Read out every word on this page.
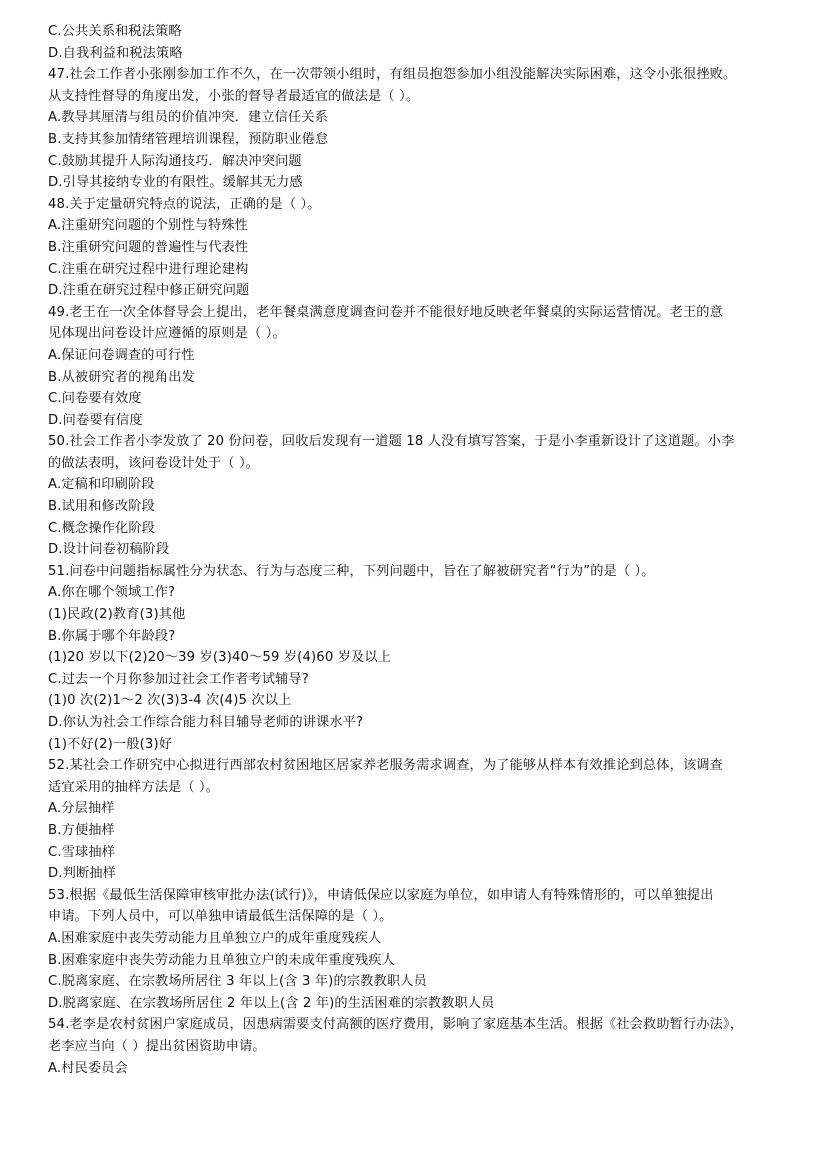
C.公共关系和税法策略
D.自我利益和税法策略
47.社会工作者小张刚参加工作不久，在一次带领小组时，有组员抱怨参加小组没能解决实际困难，这令小张很挫败。
从支持性督导的角度出发，小张的督导者最适宜的做法是（ ）。
A.教导其厘清与组员的价值冲突．建立信任关系
B.支持其参加情绪管理培训课程，预防职业倦怠
C.鼓励其提升人际沟通技巧．解决冲突问题
D.引导其接纳专业的有限性。缓解其无力感
48.关于定量研究特点的说法，正确的是（ ）。
A.注重研究问题的个别性与特殊性
B.注重研究问题的普遍性与代表性
C.注重在研究过程中进行理论建构
D.注重在研究过程中修正研究问题
49.老王在一次全体督导会上提出，老年餐桌满意度调查问卷并不能很好地反映老年餐桌的实际运营情况。老王的意
见体现出问卷设计应遵循的原则是（ ）。
A.保证问卷调查的可行性
B.从被研究者的视角出发
C.问卷要有效度
D.问卷要有信度
50.社会工作者小李发放了 20 份问卷，回收后发现有一道题 18 人没有填写答案，于是小李重新设计了这道题。小李
的做法表明，该问卷设计处于（ ）。
A.定稿和印刷阶段
B.试用和修改阶段
C.概念操作化阶段
D.设计问卷初稿阶段
51.问卷中问题指标属性分为状态、行为与态度三种，下列问题中，旨在了解被研究者“行为”的是（ ）。
A.你在哪个领域工作?
(1)民政(2)教育(3)其他
B.你属于哪个年龄段?
(1)20 岁以下(2)20～39 岁(3)40～59 岁(4)60 岁及以上
C.过去一个月你参加过社会工作者考试辅导?
(1)0 次(2)1～2 次(3)3-4 次(4)5 次以上
D.你认为社会工作综合能力科目辅导老师的讲课水平?
(1)不好(2)一般(3)好
52.某社会工作研究中心拟进行西部农村贫困地区居家养老服务需求调查，为了能够从样本有效推论到总体，该调查
适宜采用的抽样方法是（ ）。
A.分层抽样
B.方便抽样
C.雪球抽样
D.判断抽样
53.根据《最低生活保障审核审批办法(试行)》，申请低保应以家庭为单位，如申请人有特殊情形的，可以单独提出
申请。下列人员中，可以单独申请最低生活保障的是（ ）。
A.困难家庭中丧失劳动能力且单独立户的成年重度残疾人
B.困难家庭中丧失劳动能力且单独立户的未成年重度残疾人
C.脱离家庭、在宗教场所居住 3 年以上(含 3 年)的宗教教职人员
D.脱离家庭、在宗教场所居住 2 年以上(含 2 年)的生活困难的宗教教职人员
54.老李是农村贫困户家庭成员，因患病需要支付高额的医疗费用，影响了家庭基本生活。根据《社会救助暂行办法》，
老李应当向（ ）提出贫困资助申请。
A.村民委员会
